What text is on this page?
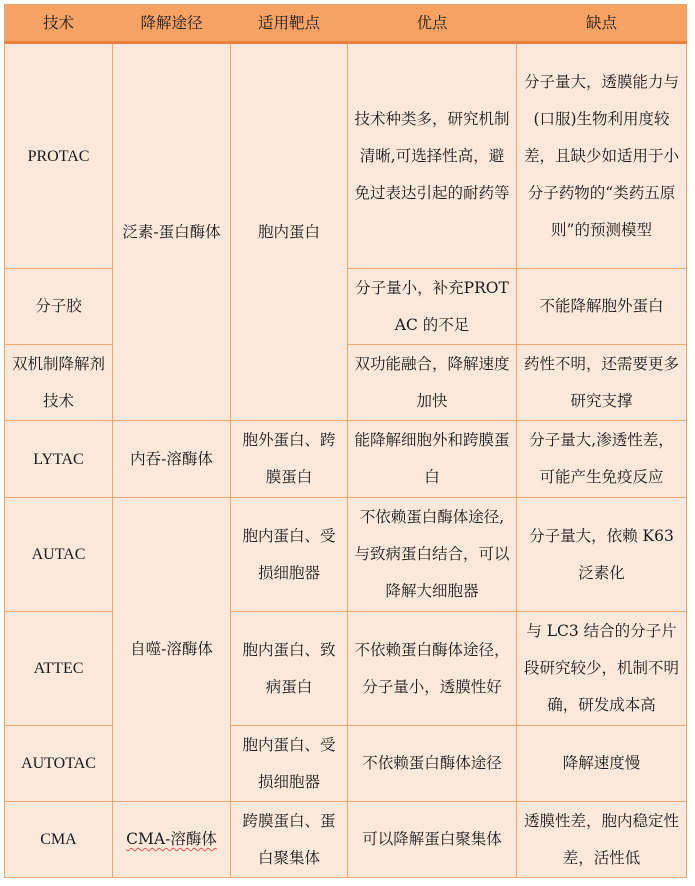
技术	降解途径	适用靶点	优点	缺点
PROTAC	泛素-蛋白酶体	胞内蛋白	技术种类多，研究机制清晰,可选择性高，避免过表达引起的耐药等	分子量大，透膜能力与(口服)生物利用度较差，且缺少如适用于小分子药物的“类药五原则”的预测模型
分子胶			分子量小，补充PROTAC 的不足	不能降解胞外蛋白
双机制降解剂技术			双功能融合，降解速度加快	药性不明，还需要更多研究支撑
LYTAC	内吞-溶酶体	胞外蛋白、跨膜蛋白	能降解细胞外和跨膜蛋白	分子量大,渗透性差，可能产生免疫反应
AUTAC	自噬-溶酶体	胞内蛋白、受损细胞器	不依赖蛋白酶体途径,与致病蛋白结合，可以降解大细胞器	分子量大，依赖 K63 泛素化
ATTEC		胞内蛋白、致病蛋白	不依赖蛋白酶体途径，分子量小，透膜性好	与 LC3 结合的分子片段研究较少，机制不明确，研发成本高
AUTOTAC		胞内蛋白、受损细胞器	不依赖蛋白酶体途径	降解速度慢
CMA	CMA-溶酶体	跨膜蛋白、蛋白聚集体	可以降解蛋白聚集体	透膜性差，胞内稳定性差，活性低
